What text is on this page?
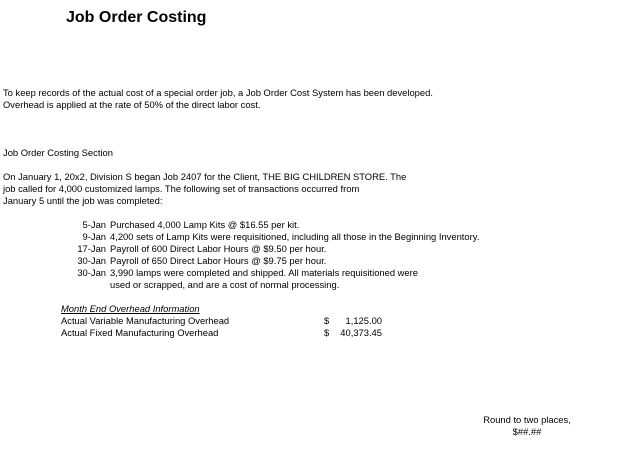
Job Order Costing
To keep records of the actual cost of a special order job, a Job Order Cost System has been developed.
Overhead is applied at the rate of 50% of the direct labor cost.
Job Order Costing Section
On January 1, 20x2, Division S began Job 2407 for the Client, THE BIG CHILDREN STORE. The
job called for 4,000 customized lamps. The following set of transactions occurred from
January 5 until the job was completed:
5-Jan Purchased 4,000 Lamp Kits @ $16.55 per kit.
9-Jan 4,200 sets of Lamp Kits were requisitioned, including all those in the Beginning Inventory.
17-Jan Payroll of 600 Direct Labor Hours @ $9.50 per hour.
30-Jan Payroll of 650 Direct Labor Hours @ $9.75 per hour.
30-Jan 3,990 lamps were completed and shipped. All materials requisitioned were
used or scrapped, and are a cost of normal processing.
Month End Overhead Information
Actual Variable Manufacturing Overhead	$	1,125.00
Actual Fixed Manufacturing Overhead	$	40,373.45
Round to two places,
$##.##
